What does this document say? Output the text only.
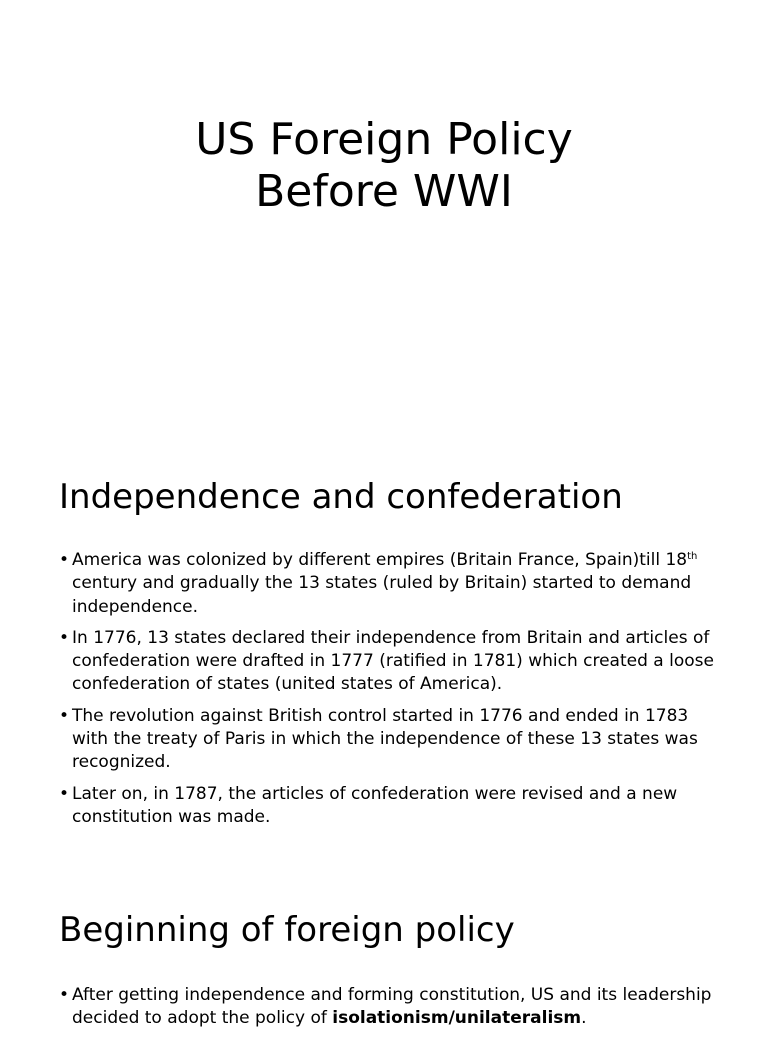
US Foreign Policy
Before WWI
Independence and confederation
• America was colonized by different empires (Britain France, Spain)till 18th century and gradually the 13 states (ruled by Britain) started to demand independence.
• In 1776, 13 states declared their independence from Britain and articles of confederation were drafted in 1777 (ratified in 1781) which created a loose confederation of states (united states of America).
• The revolution against British control started in 1776 and ended in 1783 with the treaty of Paris in which the independence of these 13 states was recognized.
• Later on, in 1787, the articles of confederation were revised and a new constitution was made.
Beginning of foreign policy
• After getting independence and forming constitution, US and its leadership decided to adopt the policy of isolationism/unilateralism.
